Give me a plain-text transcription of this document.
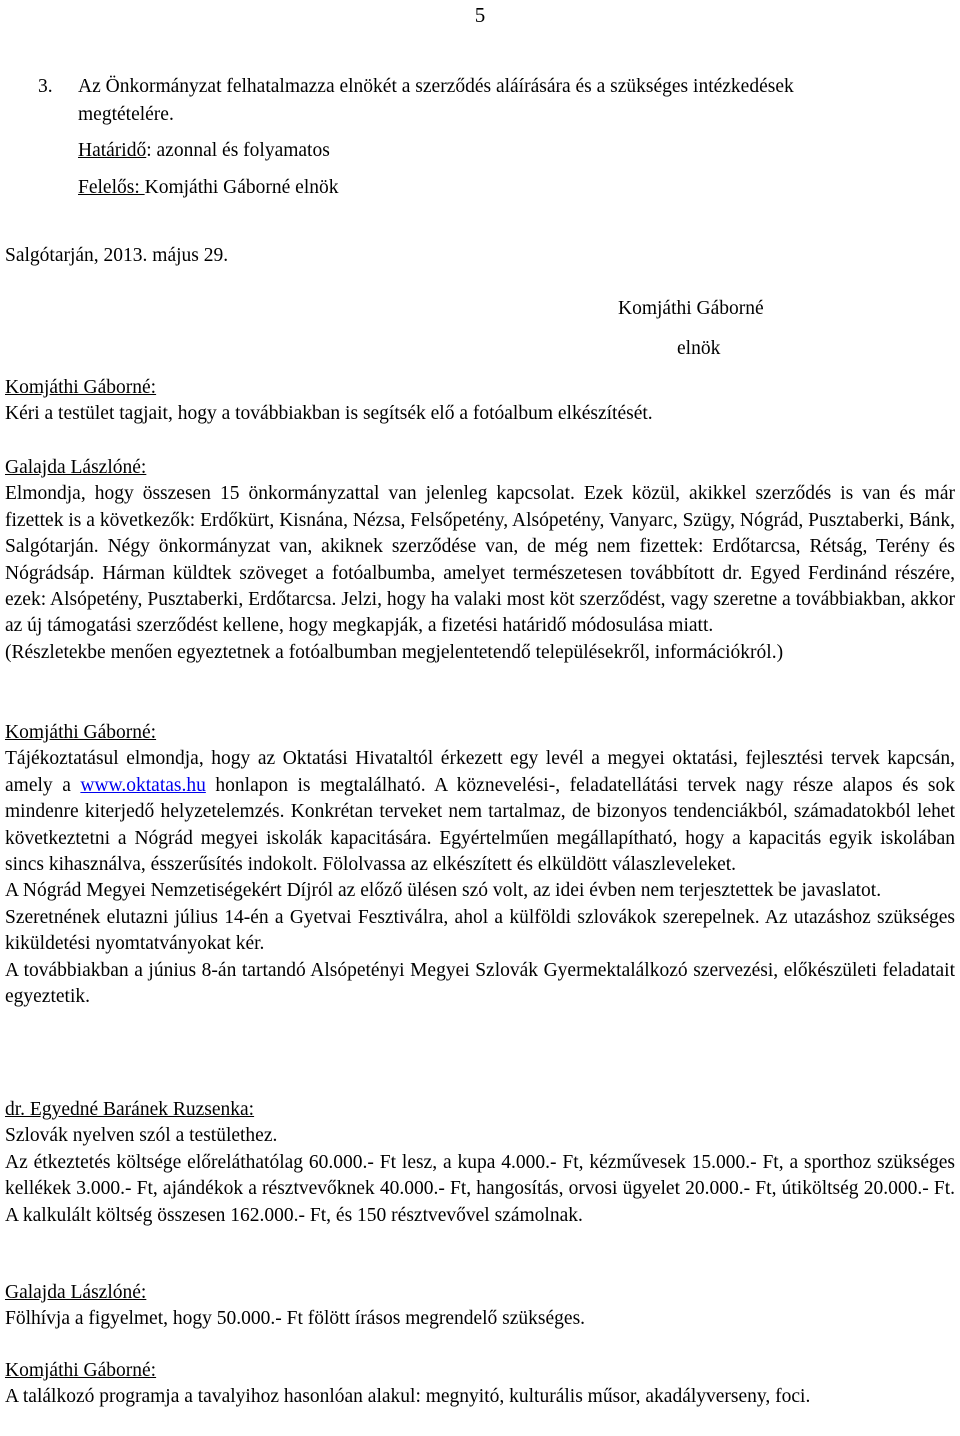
5
3. Az Önkormányzat felhatalmazza elnökét a szerződés aláírására és a szükséges intézkedések
megtételére.
Határidő: azonnal és folyamatos
Felelős: Komjáthi Gáborné elnök
Salgótarján, 2013. május 29.
Komjáthi Gáborné
elnök

Komjáthi Gáborné:

Kéri a testület tagjait, hogy a továbbiakban is segítsék elő a fotóalbum elkészítését.

Galajda Lászlóné:

Elmondja, hogy összesen 15 önkormányzattal van jelenleg kapcsolat. Ezek közül, akikkel szerződés is van és már fizettek is a következők: Erdőkürt, Kisnána, Nézsa, Felsőpetény, Alsópetény, Vanyarc, Szügy, Nógrád, Pusztaberki, Bánk, Salgótarján. Négy önkormányzat van, akiknek szerződése van, de még nem fizettek: Erdőtarcsa, Rétság, Terény és Nógrádsáp. Hárman küldtek szöveget a fotóalbumba, amelyet természetesen továbbított dr. Egyed Ferdinánd részére, ezek: Alsópetény, Pusztaberki, Erdőtarcsa. Jelzi, hogy ha valaki most köt szerződést, vagy szeretne a továbbiakban, akkor az új támogatási szerződést kellene, hogy megkapják, a fizetési határidő módosulása miatt.

(Részletekbe menően egyeztetnek a fotóalbumban megjelentetendő településekről, információkról.)

Komjáthi Gáborné:

Tájékoztatásul elmondja, hogy az Oktatási Hivataltól érkezett egy levél a megyei oktatási, fejlesztési tervek kapcsán, amely a www.oktatas.hu honlapon is megtalálható. A köznevelési-, feladatellátási tervek nagy része alapos és sok mindenre kiterjedő helyzetelemzés. Konkrétan terveket nem tartalmaz, de bizonyos tendenciákból, számadatokból lehet következtetni a Nógrád megyei iskolák kapacitására. Egyértelműen megállapítható, hogy a kapacitás egyik iskolában sincs kihasználva, ésszerűsítés indokolt. Fölolvassa az elkészített és elküldött válaszleveleket.

A Nógrád Megyei Nemzetiségekért Díjról az előző ülésen szó volt, az idei évben nem terjesztettek be javaslatot.

Szeretnének elutazni július 14-én a Gyetvai Fesztiválra, ahol a külföldi szlovákok szerepelnek. Az utazáshoz szükséges kiküldetési nyomtatványokat kér.

A továbbiakban a június 8-án tartandó Alsópetényi Megyei Szlovák Gyermektalálkozó szervezési, előkészületi feladatait egyeztetik.

dr. Egyedné Baránek Ruzsenka:

Szlovák nyelven szól a testülethez.

Az étkeztetés költsége előreláthatólag 60.000.- Ft lesz, a kupa 4.000.- Ft, kézművesek 15.000.- Ft, a sporthoz szükséges kellékek 3.000.- Ft, ajándékok a résztvevőknek 40.000.- Ft, hangosítás, orvosi ügyelet 20.000.- Ft, útiköltség 20.000.- Ft. A kalkulált költség összesen 162.000.- Ft, és 150 résztvevővel számolnak.

Galajda Lászlóné:

Fölhívja a figyelmet, hogy 50.000.- Ft fölött írásos megrendelő szükséges.

Komjáthi Gáborné:

A találkozó programja a tavalyihoz hasonlóan alakul: megnyitó, kulturális műsor, akadályverseny, foci.
